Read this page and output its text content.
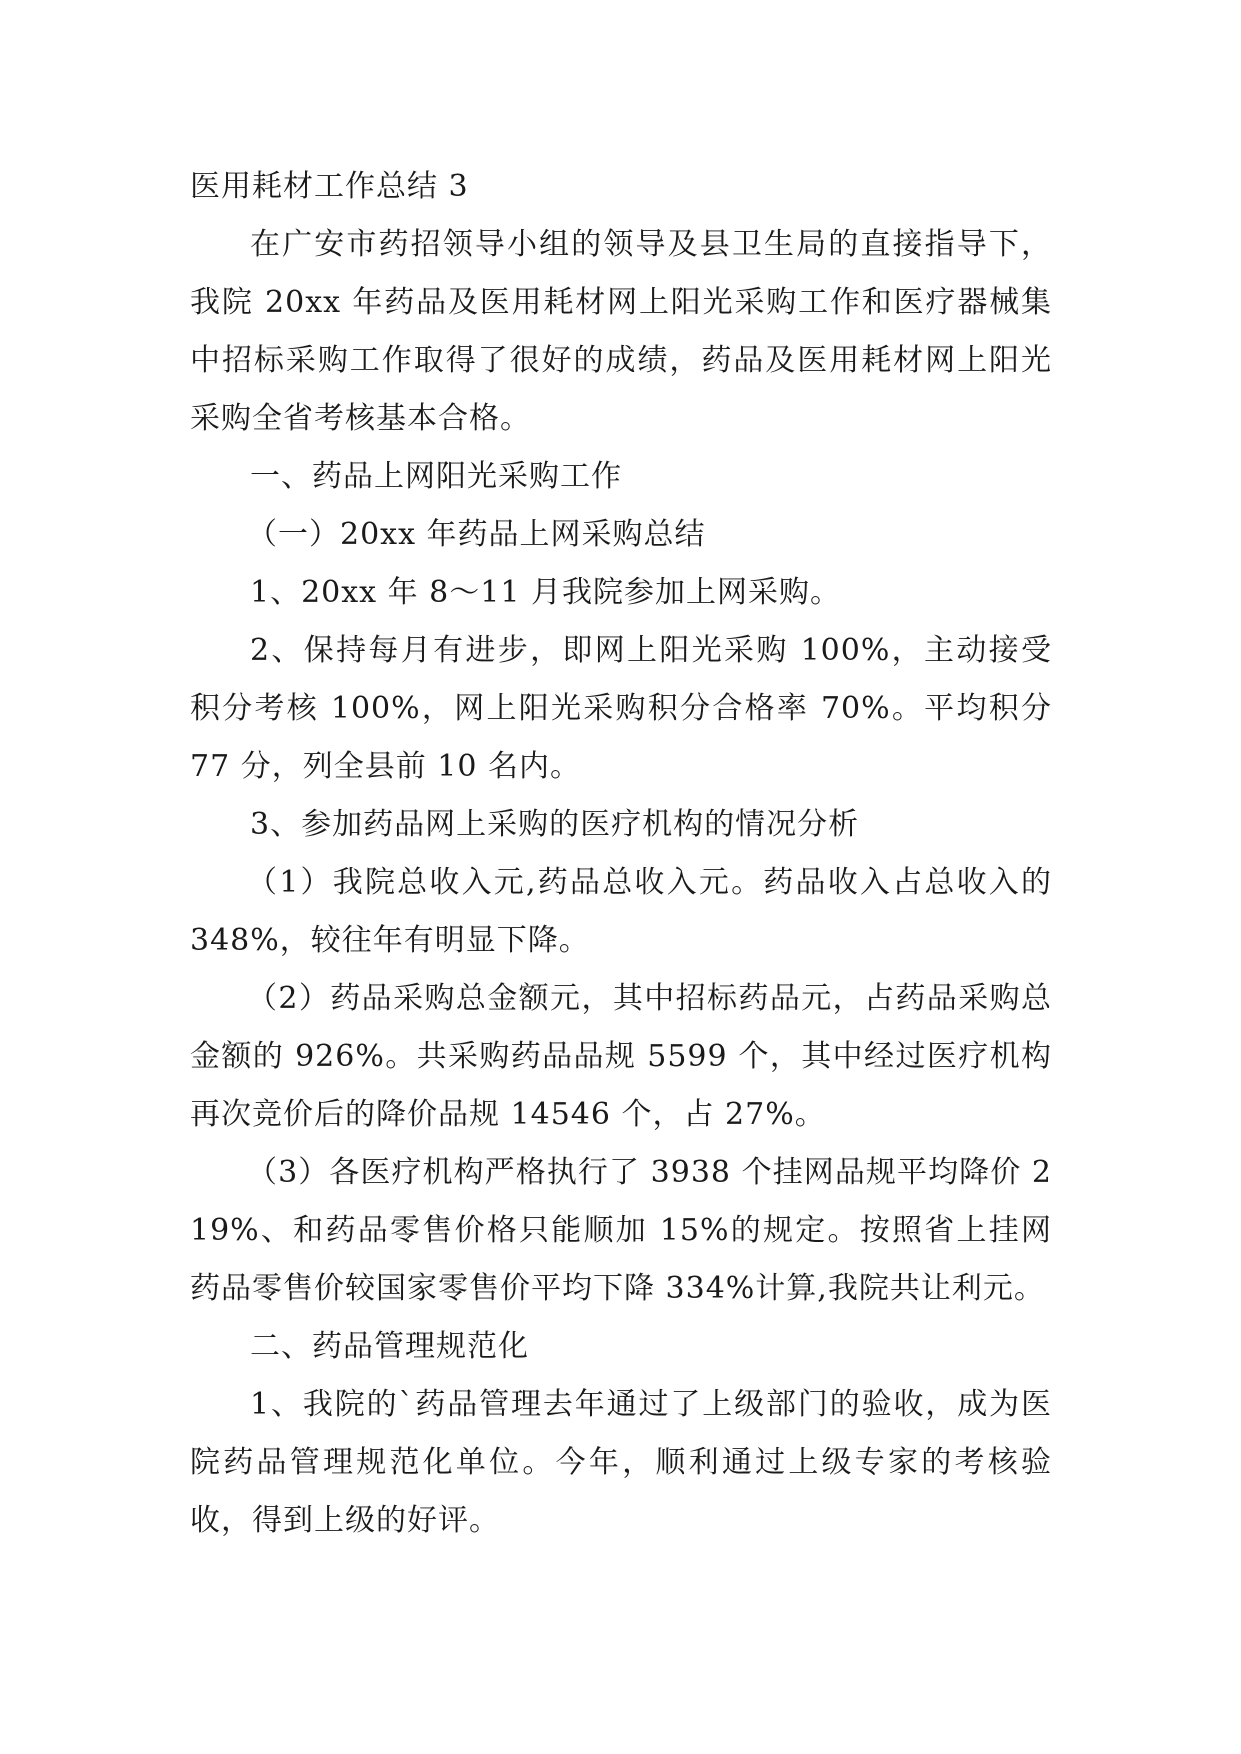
医用耗材工作总结 3

在广安市药招领导小组的领导及县卫生局的直接指导下，我院 20xx 年药品及医用耗材网上阳光采购工作和医疗器械集中招标采购工作取得了很好的成绩，药品及医用耗材网上阳光采购全省考核基本合格。

一、药品上网阳光采购工作

（一）20xx 年药品上网采购总结

1、20xx 年 8～11 月我院参加上网采购。

2、保持每月有进步，即网上阳光采购 100%，主动接受积分考核 100%，网上阳光采购积分合格率 70%。平均积分 77 分，列全县前 10 名内。

3、参加药品网上采购的医疗机构的情况分析

（1）我院总收入元,药品总收入元。药品收入占总收入的 348%，较往年有明显下降。

（2）药品采购总金额元，其中招标药品元，占药品采购总金额的 926%。共采购药品品规 5599 个，其中经过医疗机构再次竞价后的降价品规 14546 个，占 27%。

（3）各医疗机构严格执行了 3938 个挂网品规平均降价 219%、和药品零售价格只能顺加 15%的规定。按照省上挂网药品零售价较国家零售价平均下降 334%计算,我院共让利元。

二、药品管理规范化

1、我院的`药品管理去年通过了上级部门的验收，成为医院药品管理规范化单位。今年，顺利通过上级专家的考核验收，得到上级的好评。
